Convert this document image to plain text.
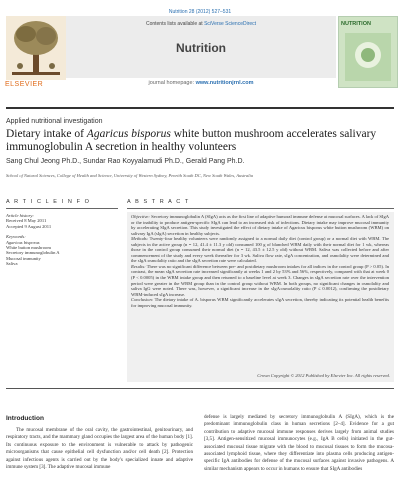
Nutrition 28 (2012) 527–531
ELSEVIER
Contents lists available at SciVerse ScienceDirect
Nutrition
journal homepage: www.nutritionjrnl.com
NUTRITION
Applied nutritional investigation
Dietary intake of Agaricus bisporus white button mushroom accelerates salivary immunoglobulin A secretion in healthy volunteers
Sang Chul Jeong Ph.D., Sundar Rao Koyyalamudi Ph.D., Gerald Pang Ph.D.
School of Natural Sciences, College of Health and Science, University of Western Sydney, Penrith South DC, New South Wales, Australia
A R T I C L E I N F O	A B S T R A C T
Article history:
Received 8 May 2011
Accepted 9 August 2011
Keywords:
Agaricus bisporus
White button mushroom
Secretory immunoglobulin A
Mucosal immunity
Saliva

Objective: Secretory immunoglobulin A (SIgA) acts as the first line of adaptive humoral immune defense at mucosal surfaces. A lack of SIgA or the inability to produce antigen-specific SIgA can lead to an increased risk of infections. Dietary intake may improve mucosal immunity by accelerating SIgA secretion. This study investigated the effect of dietary intake of Agaricus bisporus white button mushroom (WBM) on salivary IgA (sIgA) secretion in healthy subjects.

Methods: Twenty-four healthy volunteers were randomly assigned to a normal daily diet (control group) or a normal diet with WBM. The subjects in the active group (n = 12, 41.4 ± 11.3 y old) consumed 100 g of blanched WBM daily with their normal diet for 1 wk, whereas those in the control group consumed their normal diet (n = 12, 43.5 ± 12.5 y old) without WBM. Saliva was collected before and after commencement of the study and every week thereafter for 3 wk. Saliva flow rate, sIgA concentration, and osmolality were determined and the sIgA:osmolality ratio and the sIgA secretion rate were calculated.

Results: There was no significant difference between pre- and postdietary mushroom intakes for all indices in the control group (P > 0.05). In contrast, the mean sIgA secretion rate increased significantly at weeks 1 and 2 by 53% and 56%, respectively, compared with that at week 0 (P < 0.0005) in the WBM intake group and then returned to a baseline level at week 3. Changes in sIgA secretion rate over the intervention period were greater in the WBM group than in the control group without WBM. In both groups, no significant changes in osmolality and saliva IgG were noted. There was, however, a significant increase in the sIgA:osmolality ratio (P ≤ 0.0012), confirming the postdietary WBM-induced sIgA increase.

Conclusion: The dietary intake of A. bisporus WBM significantly accelerates sIgA secretion, thereby indicating its potential health benefits for improving mucosal immunity.

Crown Copyright © 2012 Published by Elsevier Inc. All rights reserved.
Introduction

The mucosal membrane of the oral cavity, the gastrointestinal, genitourinary, and respiratory tracts, and the mammary gland occupies the largest area of the human body [1]. Its continuous exposure to the environment is vulnerable to attack by pathogenic microorganisms that cause epithelial cell dysfunction and/or cell death [2]. Protection against infectious agents is carried out by the body's specialized innate and adaptive immune system [3]. The adaptive mucosal immune

defense is largely mediated by secretory immunoglobulin A (SIgA), which is the predominant immunoglobulin class in human secretions [2–4]. Evidence for a gut contribution to adaptive mucosal immune responses derives largely from animal studies [3,5]. Antigen-sensitized mucosal immunocytes (e.g., IgA B cells) initiated in the gut-associated mucosal tissue migrate with the blood to mucosal tissues to form the mucosa-associated lymphoid tissue, where they differentiate into plasma cells producing antigen-specific IgA antibodies for defense of the mucosal surfaces against invasive pathogens. A similar mechanism appears to occur in humans to ensure that SIgA antibodies
